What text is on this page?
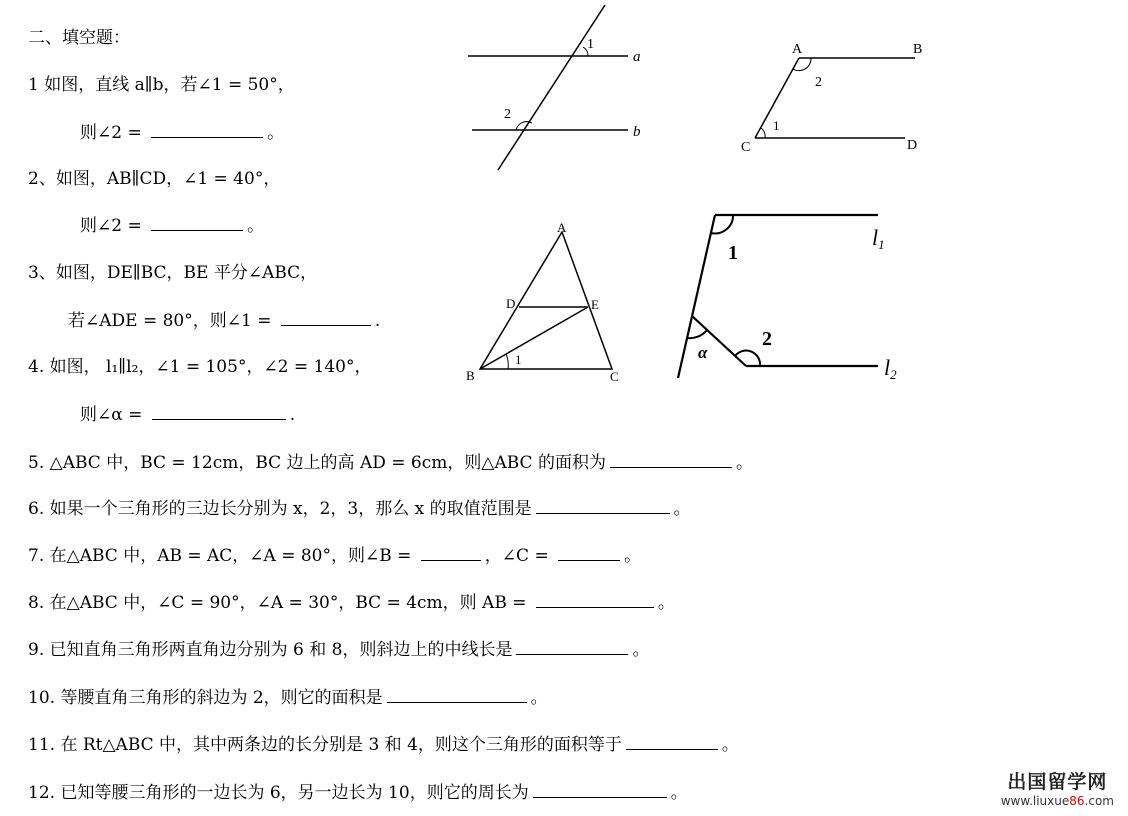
二、填空题：
1 如图，直线 a∥b，若∠1 = 50°，
则∠2 =	。
2、如图，AB∥CD，∠1 = 40°，
则∠2 =	。
3、如图，DE∥BC，BE 平分∠ABC，
若∠ADE = 80°，则∠1 =	.
4. 如图， l₁∥l₂，∠1 = 105°，∠2 = 140°，
则∠α =	.
5. △ABC 中，BC = 12cm，BC 边上的高 AD = 6cm，则△ABC 的面积为	。
6. 如果一个三角形的三边长分别为 x，2，3，那么 x 的取值范围是	。
7. 在△ABC 中，AB = AC，∠A = 80°，则∠B =	，∠C =	。
8. 在△ABC 中，∠C = 90°，∠A = 30°，BC = 4cm，则 AB =	。
9. 已知直角三角形两直角边分别为 6 和 8，则斜边上的中线长是	。
10. 等腰直角三角形的斜边为 2，则它的面积是	。
11. 在 Rt△ABC 中，其中两条边的长分别是 3 和 4，则这个三角形的面积等于	。
12. 已知等腰三角形的一边长为 6，另一边长为 10，则它的周长为	。
1
2
a
b
A	B
C	D
2
1
A
D	E
B	C
1
1
2
α
l1
l2
出国留学网
www.liuxue86.com
